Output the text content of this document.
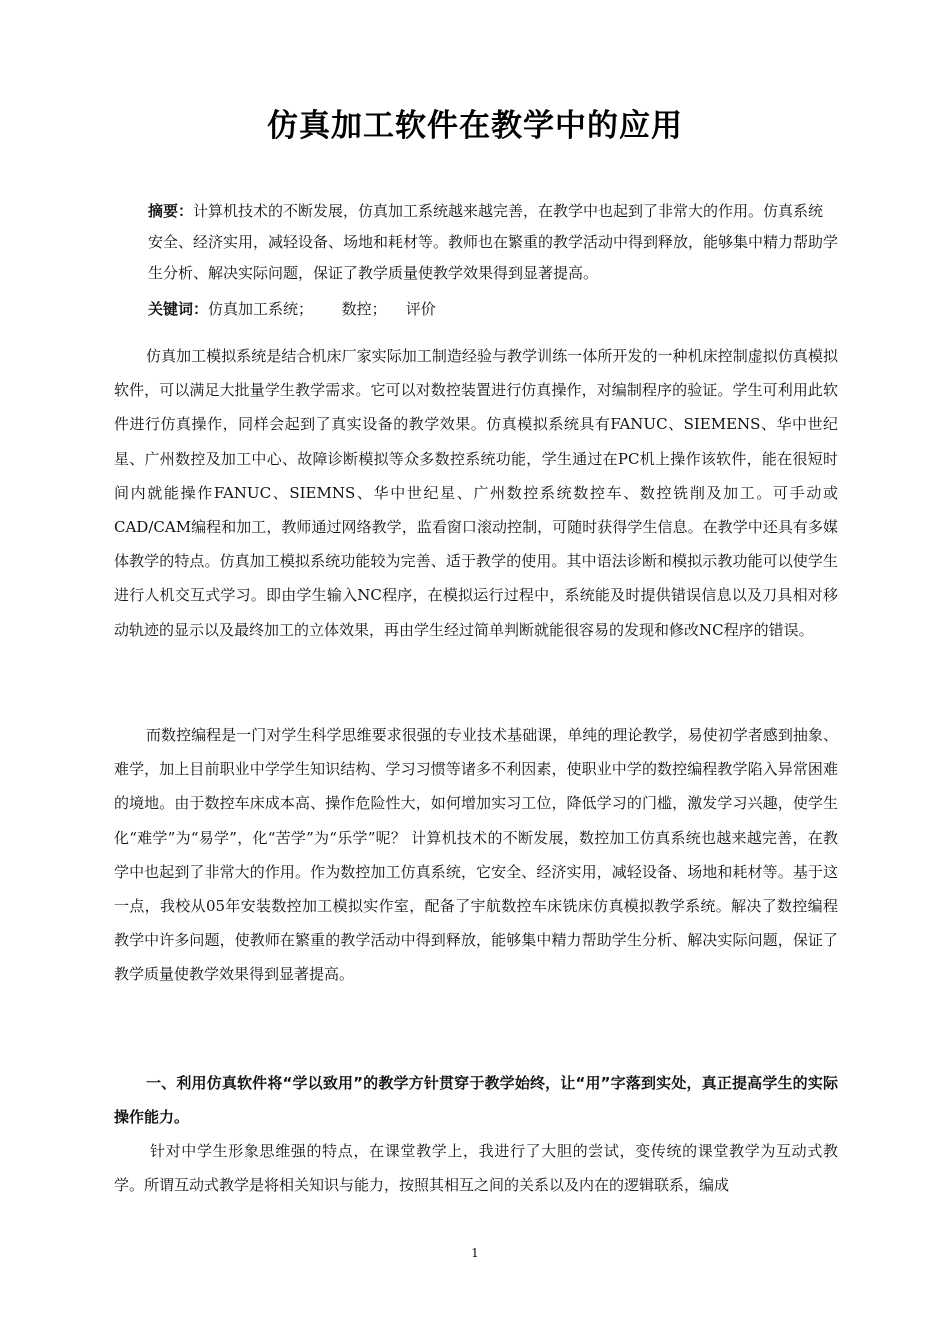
仿真加工软件在教学中的应用
摘要：计算机技术的不断发展，仿真加工系统越来越完善，在教学中也起到了非常大的作用。仿真系统安全、经济实用，减轻设备、场地和耗材等。教师也在繁重的教学活动中得到释放，能够集中精力帮助学生分析、解决实际问题，保证了教学质量使教学效果得到显著提高。
关键词：仿真加工系统；      数控；    评价
仿真加工模拟系统是结合机床厂家实际加工制造经验与教学训练一体所开发的一种机床控制虚拟仿真模拟软件，可以满足大批量学生教学需求。它可以对数控装置进行仿真操作，对编制程序的验证。学生可利用此软件进行仿真操作，同样会起到了真实设备的教学效果。仿真模拟系统具有FANUC、SIEMENS、华中世纪星、广州数控及加工中心、故障诊断模拟等众多数控系统功能，学生通过在PC机上操作该软件，能在很短时间内就能操作FANUC、SIEMNS、华中世纪星、广州数控系统数控车、数控铣削及加工。可手动或CAD/CAM编程和加工，教师通过网络教学，监看窗口滚动控制，可随时获得学生信息。在教学中还具有多媒体教学的特点。仿真加工模拟系统功能较为完善、适于教学的使用。其中语法诊断和模拟示教功能可以使学生进行人机交互式学习。即由学生输入NC程序，在模拟运行过程中，系统能及时提供错误信息以及刀具相对移动轨迹的显示以及最终加工的立体效果，再由学生经过简单判断就能很容易的发现和修改NC程序的错误。
而数控编程是一门对学生科学思维要求很强的专业技术基础课，单纯的理论教学，易使初学者感到抽象、难学，加上目前职业中学学生知识结构、学习习惯等诸多不利因素，使职业中学的数控编程教学陷入异常困难的境地。由于数控车床成本高、操作危险性大，如何增加实习工位，降低学习的门槛，激发学习兴趣，使学生化“难学”为“易学”，化“苦学”为“乐学”呢？ 计算机技术的不断发展，数控加工仿真系统也越来越完善，在教学中也起到了非常大的作用。作为数控加工仿真系统，它安全、经济实用，减轻设备、场地和耗材等。基于这一点，我校从05年安装数控加工模拟实作室，配备了宇航数控车床铣床仿真模拟教学系统。解决了数控编程教学中许多问题，使教师在繁重的教学活动中得到释放，能够集中精力帮助学生分析、解决实际问题，保证了教学质量使教学效果得到显著提高。
一、利用仿真软件将“学以致用”的教学方针贯穿于教学始终，让“用”字落到实处，真正提高学生的实际操作能力。
针对中学生形象思维强的特点，在课堂教学上，我进行了大胆的尝试，变传统的课堂教学为互动式教学。所谓互动式教学是将相关知识与能力，按照其相互之间的关系以及内在的逻辑联系，编成
1
